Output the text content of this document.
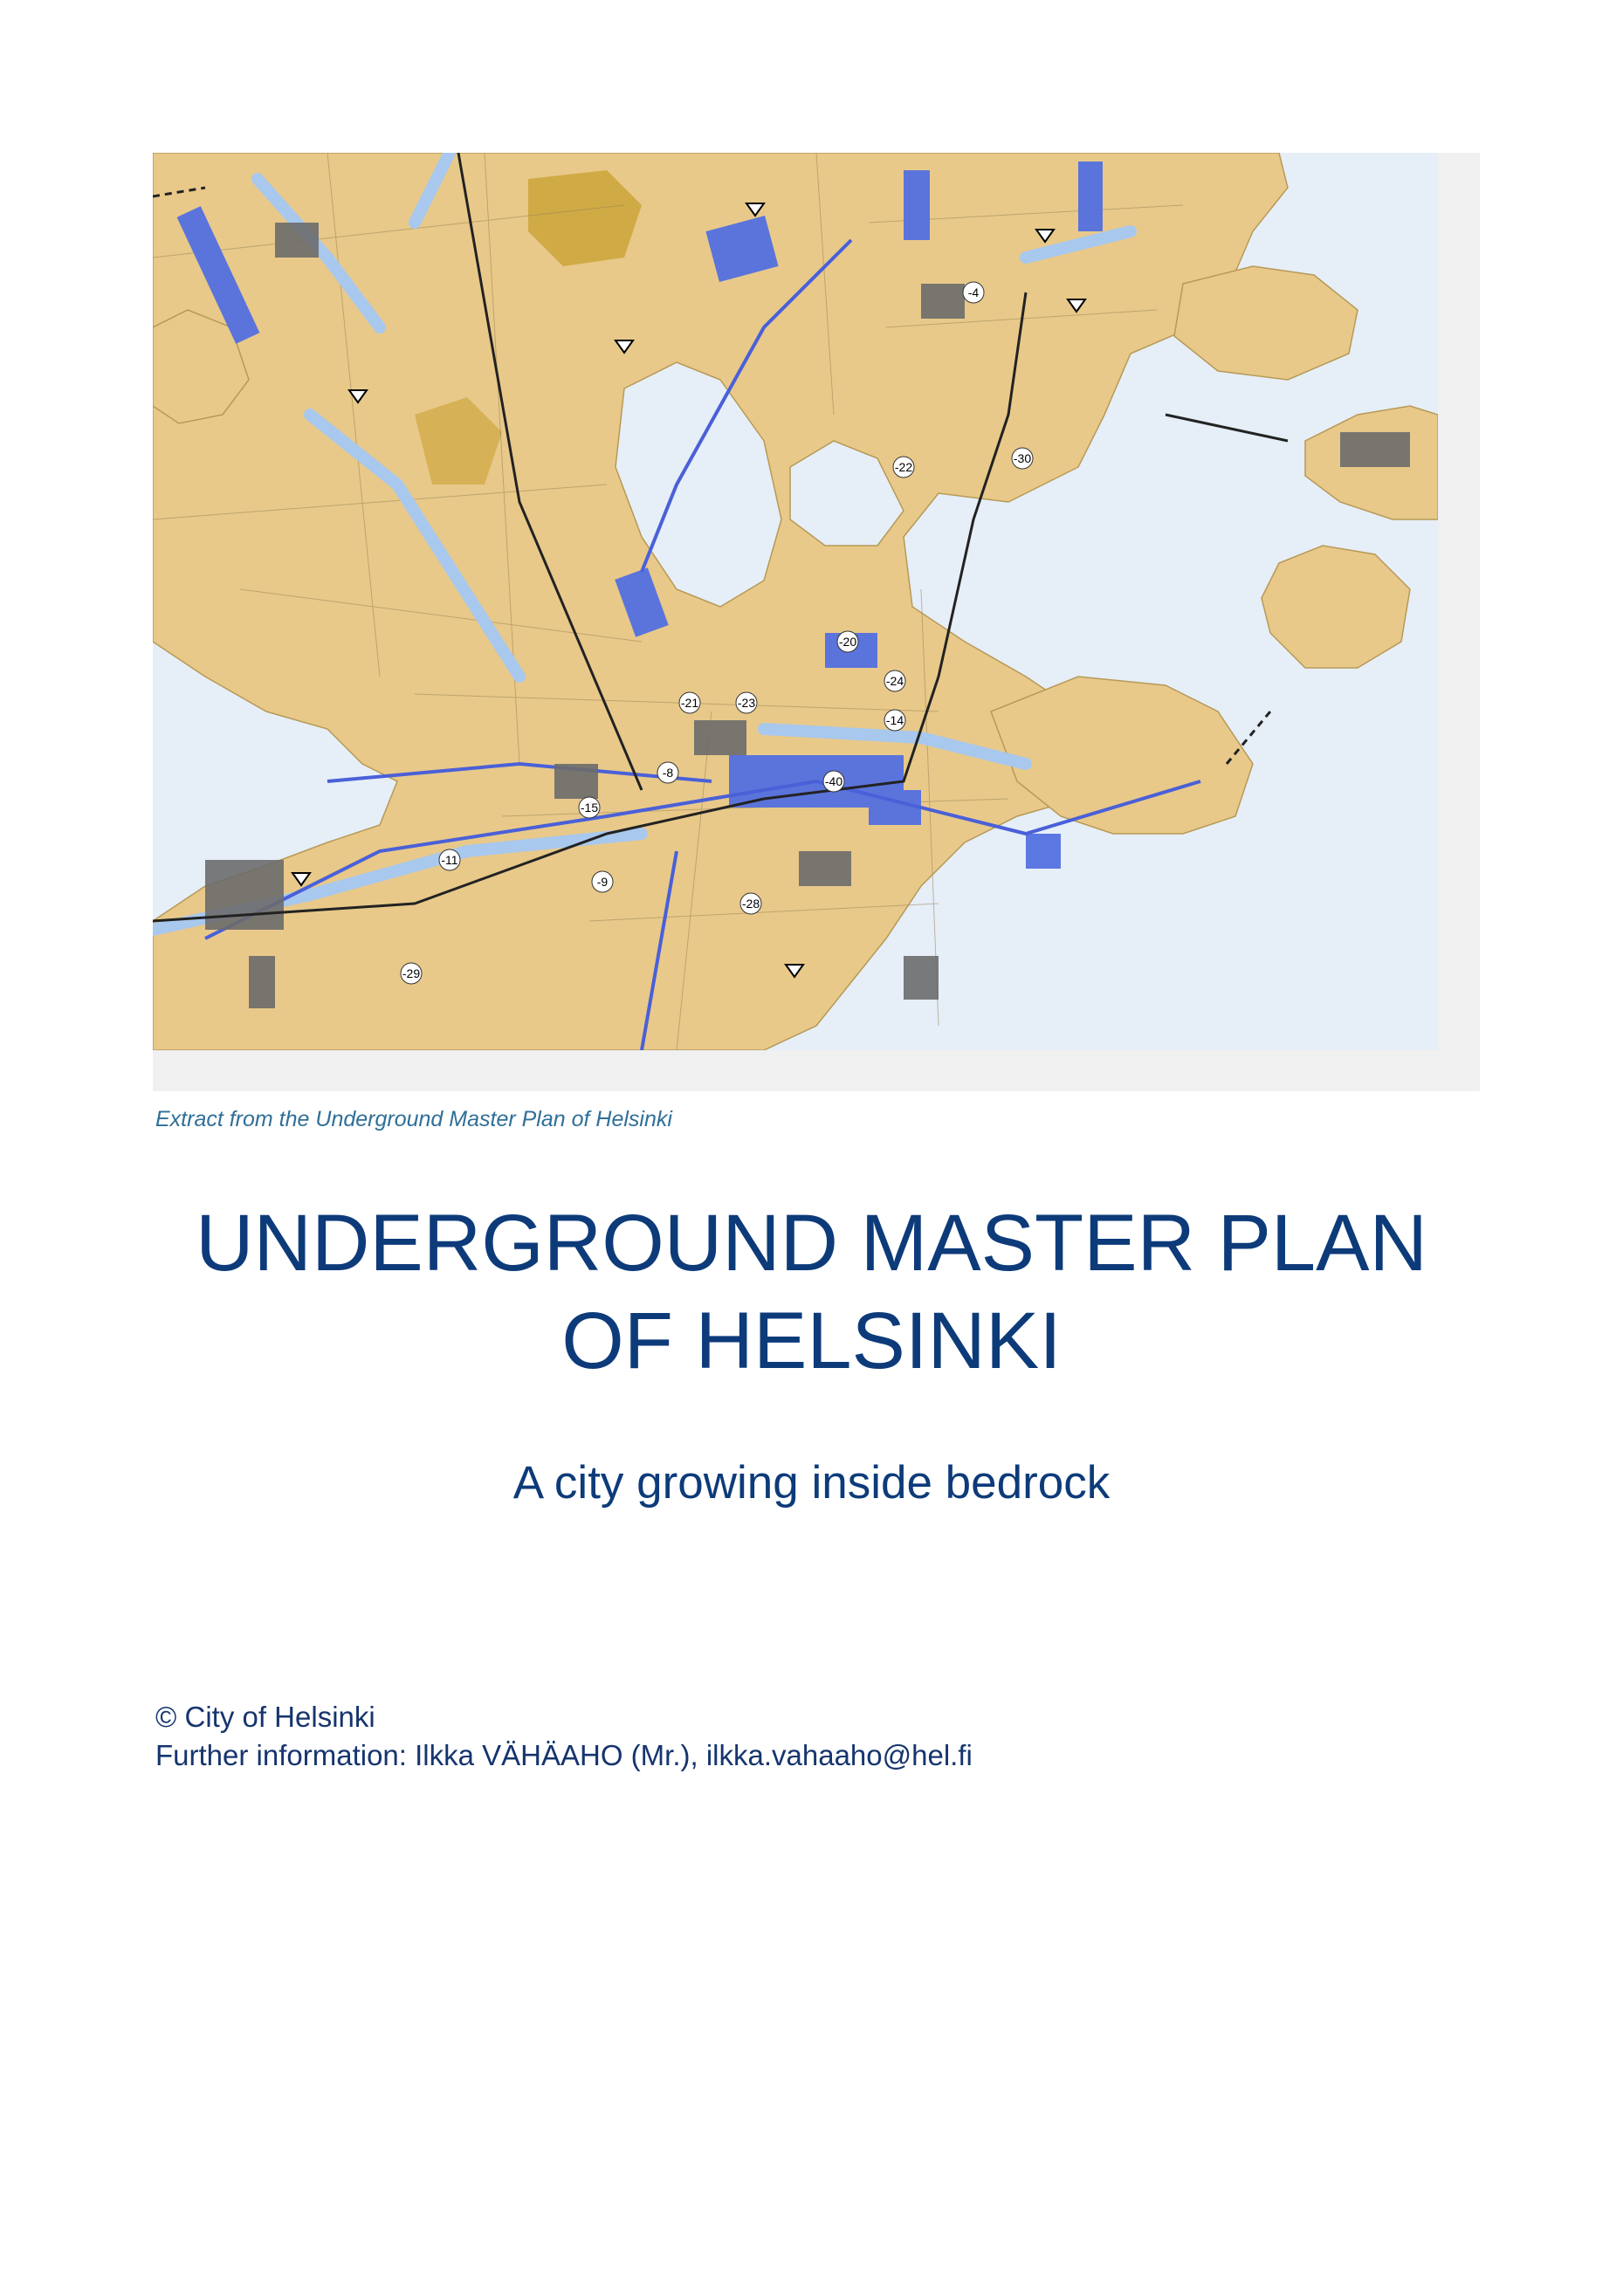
-4
-22
-30
-20
-24
-14
-23
-21
-8
-40
-15
-11
-9
-29
-28
Extract from the Underground Master Plan of Helsinki
UNDERGROUND MASTER PLAN
OF HELSINKI
A city growing inside bedrock
© City of Helsinki
Further information: Ilkka VÄHÄAHO (Mr.), ilkka.vahaaho@hel.fi
